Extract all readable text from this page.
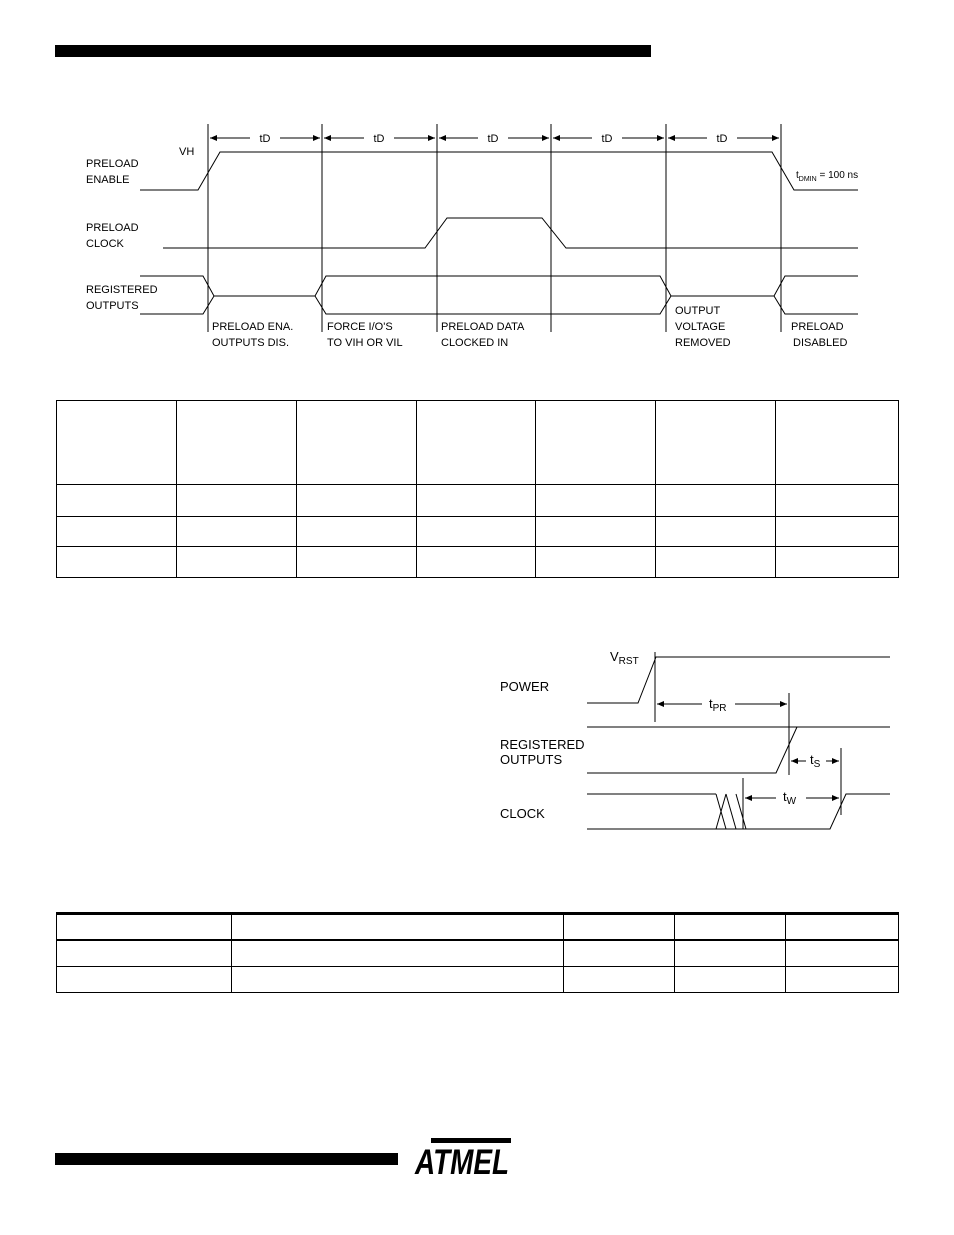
tD	tD	tD	tD	tD
VH
PRELOAD
ENABLE
PRELOAD
CLOCK
REGISTERED
OUTPUTS
$t_{DMIN} = 100$ ns
PRELOAD ENA.
OUTPUTS DIS.
FORCE I/O'S
TO VIH OR VIL
PRELOAD DATA
CLOCKED IN
OUTPUT
VOLTAGE
REMOVED
PRELOAD
DISABLED

POWER
REGISTERED
OUTPUTS
CLOCK
$V_{RST}$
$t_{PR}$
$t_S$
$t_W$

ATMEL
